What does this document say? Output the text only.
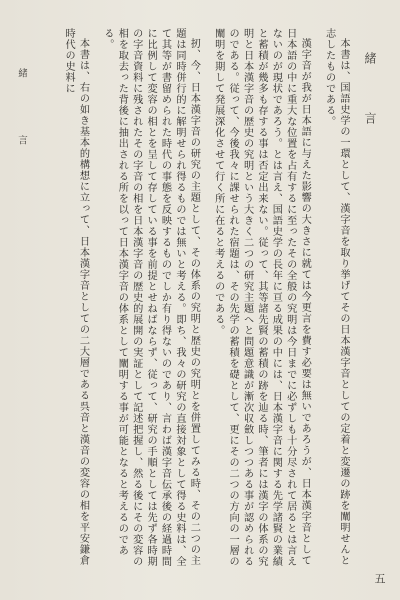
緒　言

本書は、国語史学の一環として、漢字音を取り挙げてその日本漢字音としての定着と変遷の跡を闡明せんと志したものである。

漢字音が我が日本語に与えた影響の大きさに就ては今更言を費す必要は無いであろうが、日本漢字音として日本語の中に重大な位置を占有するに至ったその全般の究明は今日までに必ずしも十分尽されて居るとは言えないのが現状であろう。とは言え、国語史学の長年に亘る成果の中には、日本漢字音に関する先学諸賢の業績と蓄積が幾多も存する事は否定出来ない。従って、其等諸先賢の蓄積の跡を辿る時、筆者には漢字の体系の究明と日本漢字音の歴史の究明という大きく二つの研究主題へと問題意識が漸次収斂しつつある事が認められるのである。従って、今後我々に課せられた宿題は、その先学の蓄積を礎として、更にその二つの方向の一層の闡明を期して発展深化させて行く所に在ると考えるのである。

扨、今、日本漢字音の研究の主題として、その体系の究明と歴史の究明とを併置してみる時、その二つの主題は同時併行的に解明せられ得るものでは無いと考える。即ち、我々の研究の直接対象として得る史料は、全て其等が書留められた時代の事態を反映するものでしか有り得ないのであり、言わば漢字音伝承後の経過時間に比例して変容の相とを呈して存している事を前提とせねばならず、従って、研究の手順としては先ず各時期の字音資料に残されたその字音の相を日本漢字音の歴史的展開の実証として記述把握し、然る後にその変容の相を取去った背後に抽出される所を以って日本漢字音の体系として闡明する事が可能となると考えるのである。

本書は、右の如き基本的構想に立って、日本漢字音としての二大層である呉音と漢音の変容の相を平安鎌倉時代の史料に

緒　言
五
